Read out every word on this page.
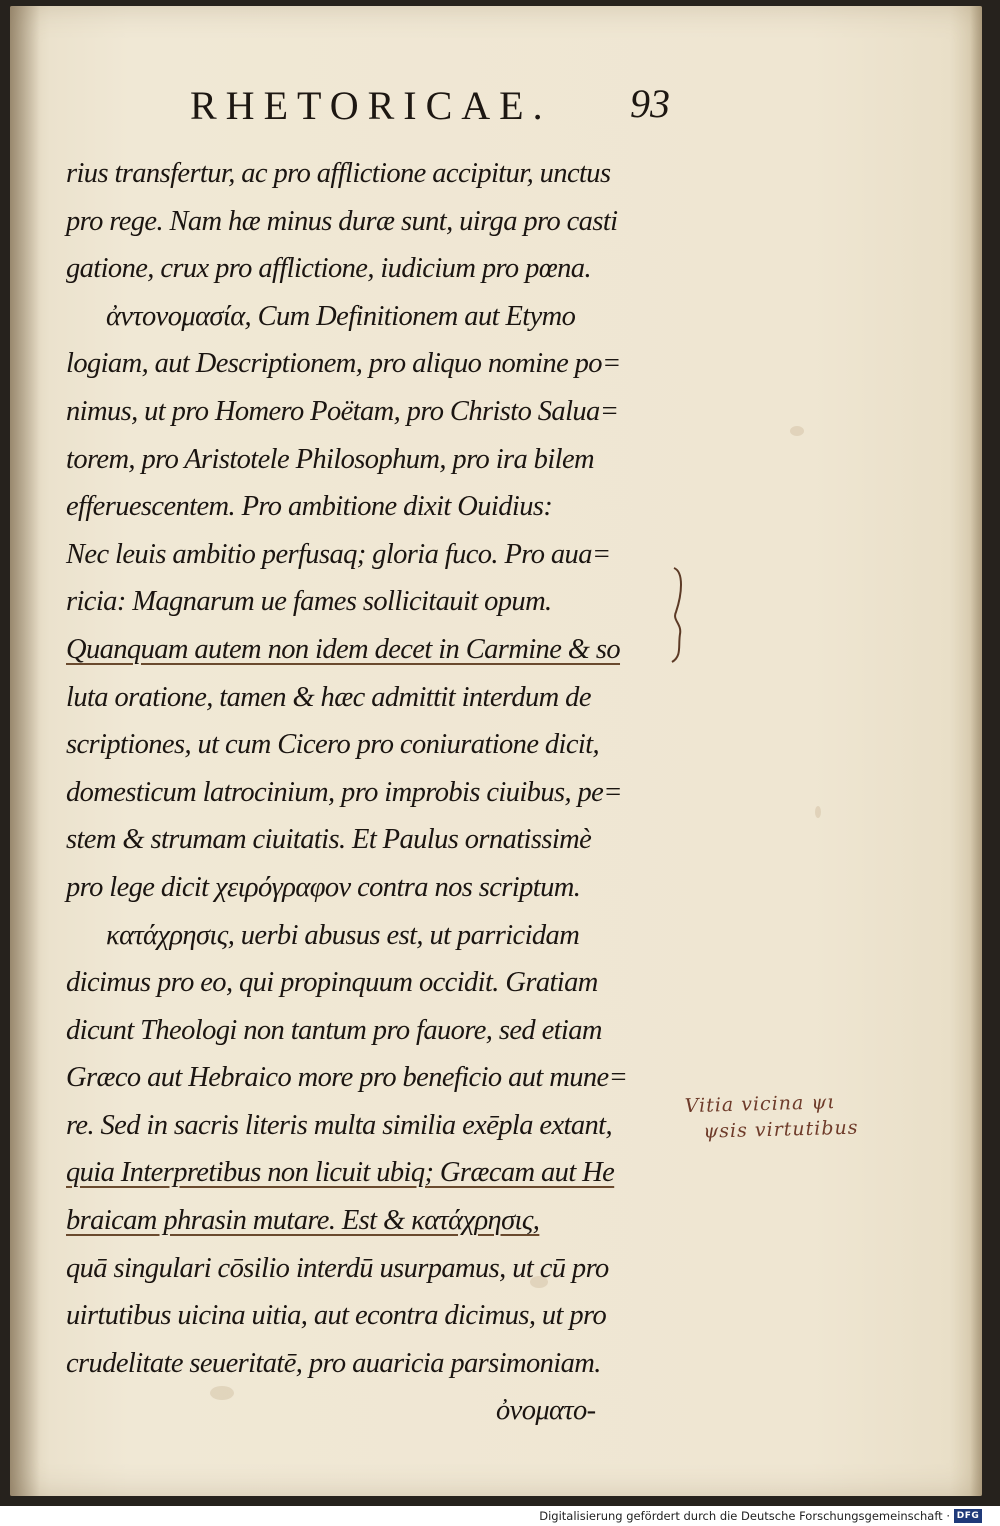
RHETORICAE. 93
rius transfertur, ac pro afflictione accipitur, unctus
pro rege. Nam hæ minus duræ sunt, uirga pro casti
gatione, crux pro afflictione, iudicium pro pœna.
ἀντονομασία, Cum Definitionem aut Etymo
logiam, aut Descriptionem, pro aliquo nomine po=
nimus, ut pro Homero Poëtam, pro Christo Salua=
torem, pro Aristotele Philosophum, pro ira bilem
efferuescentem. Pro ambitione dixit Ouidius:
Nec leuis ambitio perfusaq; gloria fuco. Pro aua=
ricia: Magnarum ue fames sollicitauit opum.
Quanquam autem non idem decet in Carmine & so
luta oratione, tamen & hæc admittit interdum de
scriptiones, ut cum Cicero pro coniuratione dicit,
domesticum latrocinium, pro improbis ciuibus, pe=
stem & strumam ciuitatis. Et Paulus ornatissimè
pro lege dicit χειρόγραφον contra nos scriptum.
κατάχρησις, uerbi abusus est, ut parricidam
dicimus pro eo, qui propinquum occidit. Gratiam
dicunt Theologi non tantum pro fauore, sed etiam
Græco aut Hebraico more pro beneficio aut mune=
re. Sed in sacris literis multa similia exēpla extant,
quia Interpretibus non licuit ubiq; Græcam aut He
braicam phrasin mutare. Est & κατάχρησις,
quā singulari cōsilio interdū usurpamus, ut cū pro
uirtutibus uicina uitia, aut econtra dicimus, ut pro
crudelitate seueritatē, pro auaricia parsimoniam.
ὀνοματο-
Vitia vicina ψι
ψsis virtutibus
Digitalisierung gefördert durch die Deutsche Forschungsgemeinschaft · DFG
